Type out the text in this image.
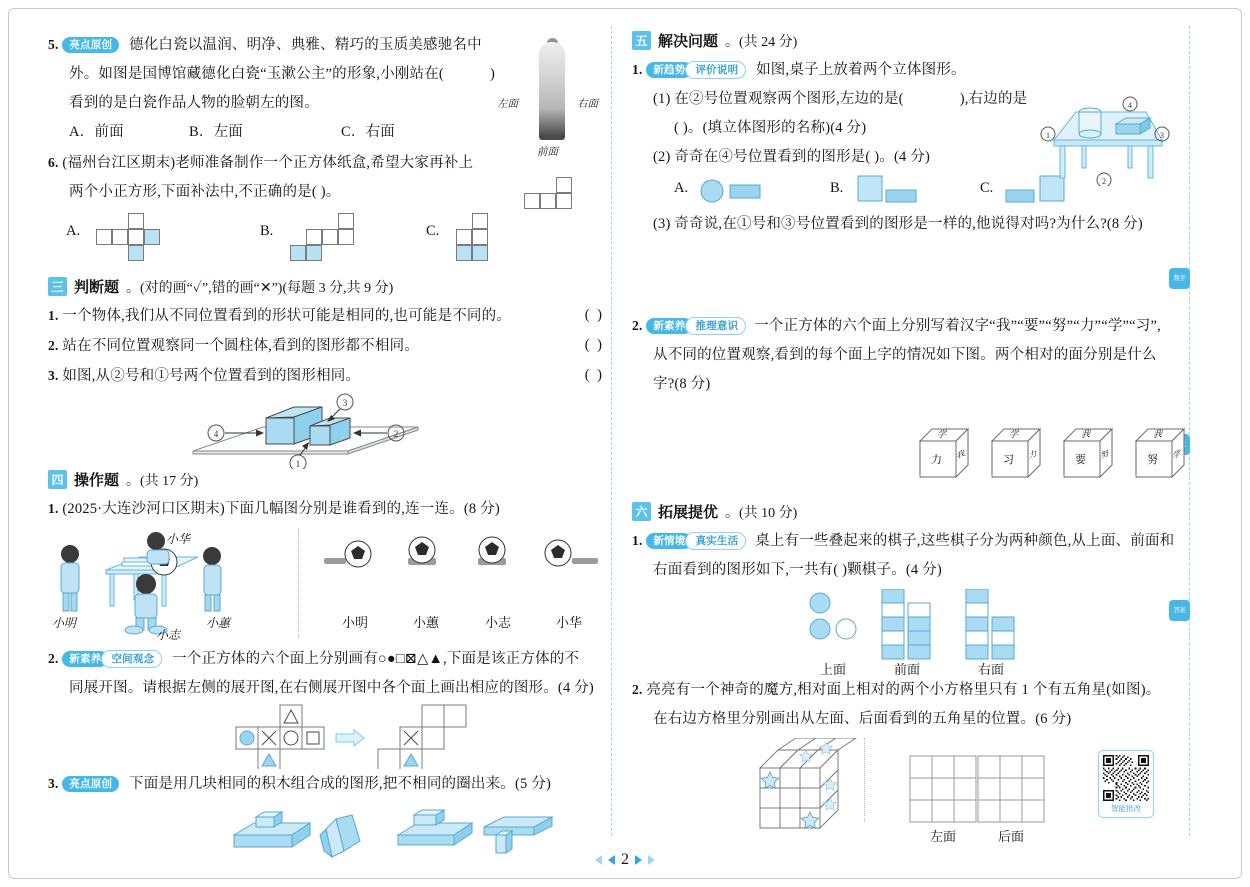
数学
答案
5. 亮点原创 德化白瓷以温润、明净、典雅、精巧的玉质美感驰名中
外。如图是国博馆藏德化白瓷“玉漱公主”的形象,小刚站在(	)
看到的是白瓷作品人物的脸朝左的图。
A．前面	B．左面	C．右面
6. (福州台江区期末)老师准备制作一个正方体纸盒,希望大家再补上
两个小正方形,下面补法中,不正确的是( )。
A.	B.	C.
三 判断题 。(对的画“✓”,错的画“✕”)(每题 3 分,共 9 分)
1. 一个物体,我们从不同位置看到的形状可能是相同的,也可能是不同的。	( )
2. 站在不同位置观察同一个圆柱体,看到的图形都不相同。	( )
3. 如图,从②号和①号两个位置看到的图形相同。	( )
4	2
3
1
四 操作题 。(共 17 分)
1. (2025·大连沙河口区期末)下面几幅图分别是谁看到的,连一连。(8 分)
小明
小志
小蕙
小华
小明	小蕙	小志	小华
2. 新素养 空间观念 一个正方体的六个面上分别画有○●□⊠△▲,下面是该正方体的不
同展开图。请根据左侧的展开图,在右侧展开图中各个面上画出相应的图形。(4 分)
3. 亮点原创 下面是用几块相同的积木组合成的图形,把不相同的圈出来。(5 分)
左面	右面
前面
五 解决问题 。(共 24 分)
1. 新趋势 评价说明 如图,桌子上放着两个立体图形。
(1) 在②号位置观察两个图形,左边的是(	),右边的是
( )。(填立体图形的名称)(4 分)
(2) 奇奇在④号位置看到的图形是( )。(4 分)
A.	B.	C.
(3) 奇奇说,在①号和③号位置看到的图形是一样的,他说得对吗?为什么?(8 分)
2. 新素养 推理意识 一个正方体的六个面上分别写着汉字“我”“要”“努”“力”“学”“习”,
从不同的位置观察,看到的每个面上字的情况如下图。两个相对的面分别是什么
字?(8 分)
学
力 我
学
习 力
我
要 努
我
努 学
六 拓展提优 。(共 10 分)
1. 新情境 真实生活 桌上有一些叠起来的棋子,这些棋子分为两种颜色,从上面、前面和
右面看到的图形如下,一共有( )颗棋子。(4 分)
上面	前面	右面
2. 亮亮有一个神奇的魔方,相对面上相对的两个小方格里只有 1 个有五角星(如图)。
在右边方格里分别画出从左面、后面看到的五角星的位置。(6 分)
左面	后面
智能批改
1
2
3
4
2
